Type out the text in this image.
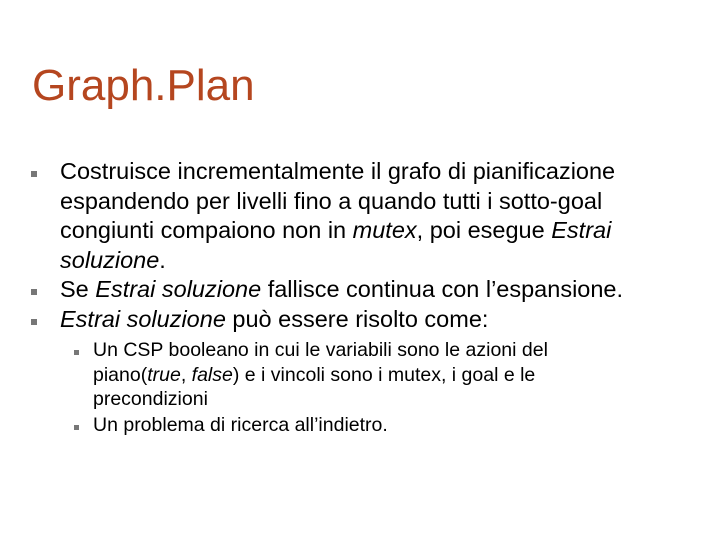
Graph.Plan
Costruisce incrementalmente il grafo di pianificazione espandendo per livelli fino a quando tutti i sotto-goal congiunti compaiono non in mutex, poi esegue Estrai soluzione.
Se Estrai soluzione fallisce continua con l’espansione.
Estrai soluzione può essere risolto come:
Un CSP booleano in cui le variabili sono le azioni del piano(true, false) e i vincoli sono i mutex, i goal e le precondizioni
Un problema di ricerca all’indietro.
